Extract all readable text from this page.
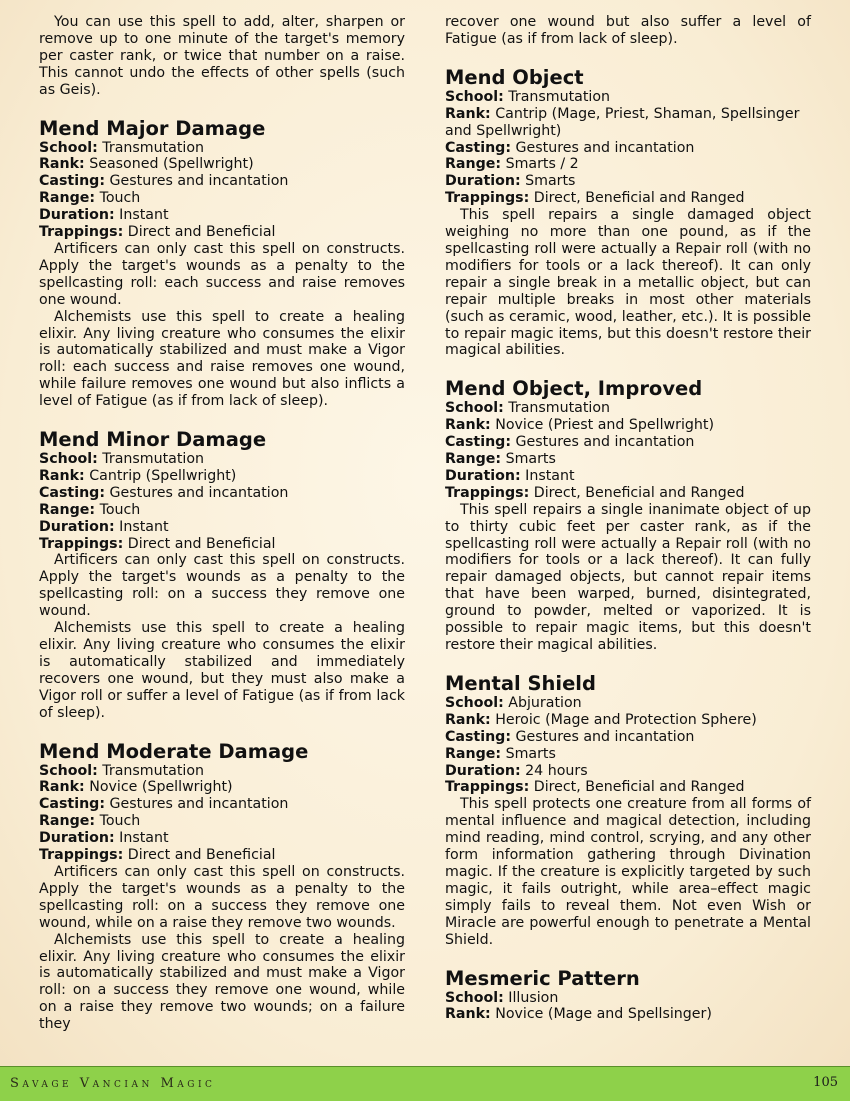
You can use this spell to add, alter, sharpen or remove up to one minute of the target's memory per caster rank, or twice that number on a raise. This cannot undo the effects of other spells (such as Geis).

Mend Major Damage

School: Transmutation

Rank: Seasoned (Spellwright)

Casting: Gestures and incantation

Range: Touch

Duration: Instant

Trappings: Direct and Beneficial

Artificers can only cast this spell on constructs. Apply the target's wounds as a penalty to the spellcasting roll: each success and raise removes one wound.

Alchemists use this spell to create a healing elixir. Any living creature who consumes the elixir is automatically stabilized and must make a Vigor roll: each success and raise removes one wound, while failure removes one wound but also inflicts a level of Fatigue (as if from lack of sleep).

Mend Minor Damage

School: Transmutation

Rank: Cantrip (Spellwright)

Casting: Gestures and incantation

Range: Touch

Duration: Instant

Trappings: Direct and Beneficial

Artificers can only cast this spell on constructs. Apply the target's wounds as a penalty to the spellcasting roll: on a success they remove one wound.

Alchemists use this spell to create a healing elixir. Any living creature who consumes the elixir is automatically stabilized and immediately recovers one wound, but they must also make a Vigor roll or suffer a level of Fatigue (as if from lack of sleep).

Mend Moderate Damage

School: Transmutation

Rank: Novice (Spellwright)

Casting: Gestures and incantation

Range: Touch

Duration: Instant

Trappings: Direct and Beneficial

Artificers can only cast this spell on constructs. Apply the target's wounds as a penalty to the spellcasting roll: on a success they remove one wound, while on a raise they remove two wounds.

Alchemists use this spell to create a healing elixir. Any living creature who consumes the elixir is automatically stabilized and must make a Vigor roll: on a success they remove one wound, while on a raise they remove two wounds; on a failure they

recover one wound but also suffer a level of Fatigue (as if from lack of sleep).

Mend Object

School: Transmutation

Rank: Cantrip (Mage, Priest, Shaman, Spellsinger and Spellwright)

Casting: Gestures and incantation

Range: Smarts / 2

Duration: Smarts

Trappings: Direct, Beneficial and Ranged

This spell repairs a single damaged object weighing no more than one pound, as if the spellcasting roll were actually a Repair roll (with no modifiers for tools or a lack thereof). It can only repair a single break in a metallic object, but can repair multiple breaks in most other materials (such as ceramic, wood, leather, etc.). It is possible to repair magic items, but this doesn't restore their magical abilities.

Mend Object, Improved

School: Transmutation

Rank: Novice (Priest and Spellwright)

Casting: Gestures and incantation

Range: Smarts

Duration: Instant

Trappings: Direct, Beneficial and Ranged

This spell repairs a single inanimate object of up to thirty cubic feet per caster rank, as if the spellcasting roll were actually a Repair roll (with no modifiers for tools or a lack thereof). It can fully repair damaged objects, but cannot repair items that have been warped, burned, disintegrated, ground to powder, melted or vaporized. It is possible to repair magic items, but this doesn't restore their magical abilities.

Mental Shield

School: Abjuration

Rank: Heroic (Mage and Protection Sphere)

Casting: Gestures and incantation

Range: Smarts

Duration: 24 hours

Trappings: Direct, Beneficial and Ranged

This spell protects one creature from all forms of mental influence and magical detection, including mind reading, mind control, scrying, and any other form information gathering through Divination magic. If the creature is explicitly targeted by such magic, it fails outright, while area–effect magic simply fails to reveal them. Not even Wish or Miracle are powerful enough to penetrate a Mental Shield.

Mesmeric Pattern

School: Illusion

Rank: Novice (Mage and Spellsinger)

Savage Vancian Magic	105
